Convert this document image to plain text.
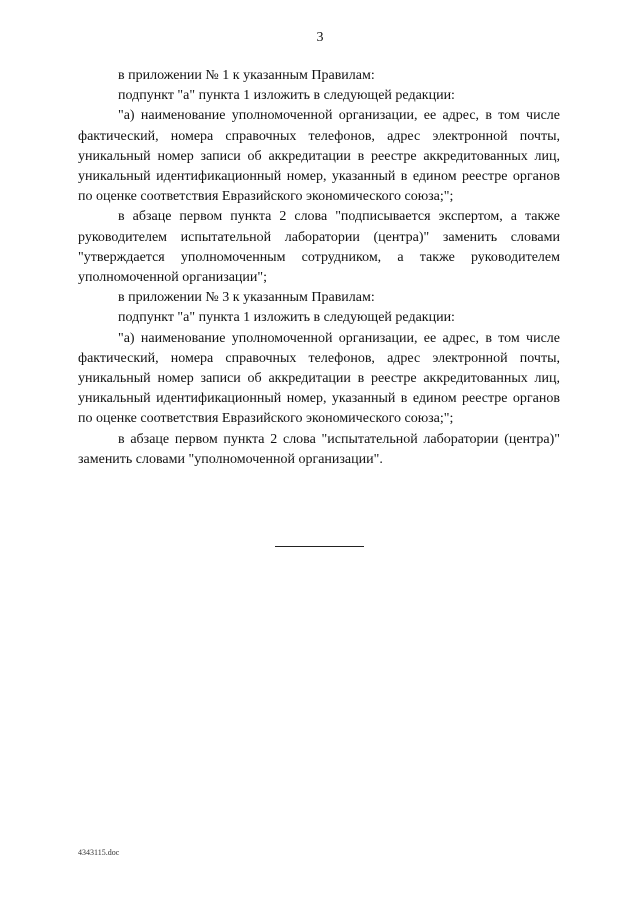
3

в приложении № 1 к указанным Правилам:

подпункт "а" пункта 1 изложить в следующей редакции:

"а) наименование уполномоченной организации, ее адрес, в том числе фактический, номера справочных телефонов, адрес электронной почты, уникальный номер записи об аккредитации в реестре аккредитованных лиц, уникальный идентификационный номер, указанный в едином реестре органов по оценке соответствия Евразийского экономического союза;";

в абзаце первом пункта 2 слова "подписывается экспертом, а также руководителем испытательной лаборатории (центра)" заменить словами "утверждается уполномоченным сотрудником, а также руководителем уполномоченной организации";

в приложении № 3 к указанным Правилам:

подпункт "а" пункта 1 изложить в следующей редакции:

"а) наименование уполномоченной организации, ее адрес, в том числе фактический, номера справочных телефонов, адрес электронной почты, уникальный номер записи об аккредитации в реестре аккредитованных лиц, уникальный идентификационный номер, указанный в едином реестре органов по оценке соответствия Евразийского экономического союза;";

в абзаце первом пункта 2 слова "испытательной лаборатории (центра)" заменить словами "уполномоченной организации".

4343115.doc
